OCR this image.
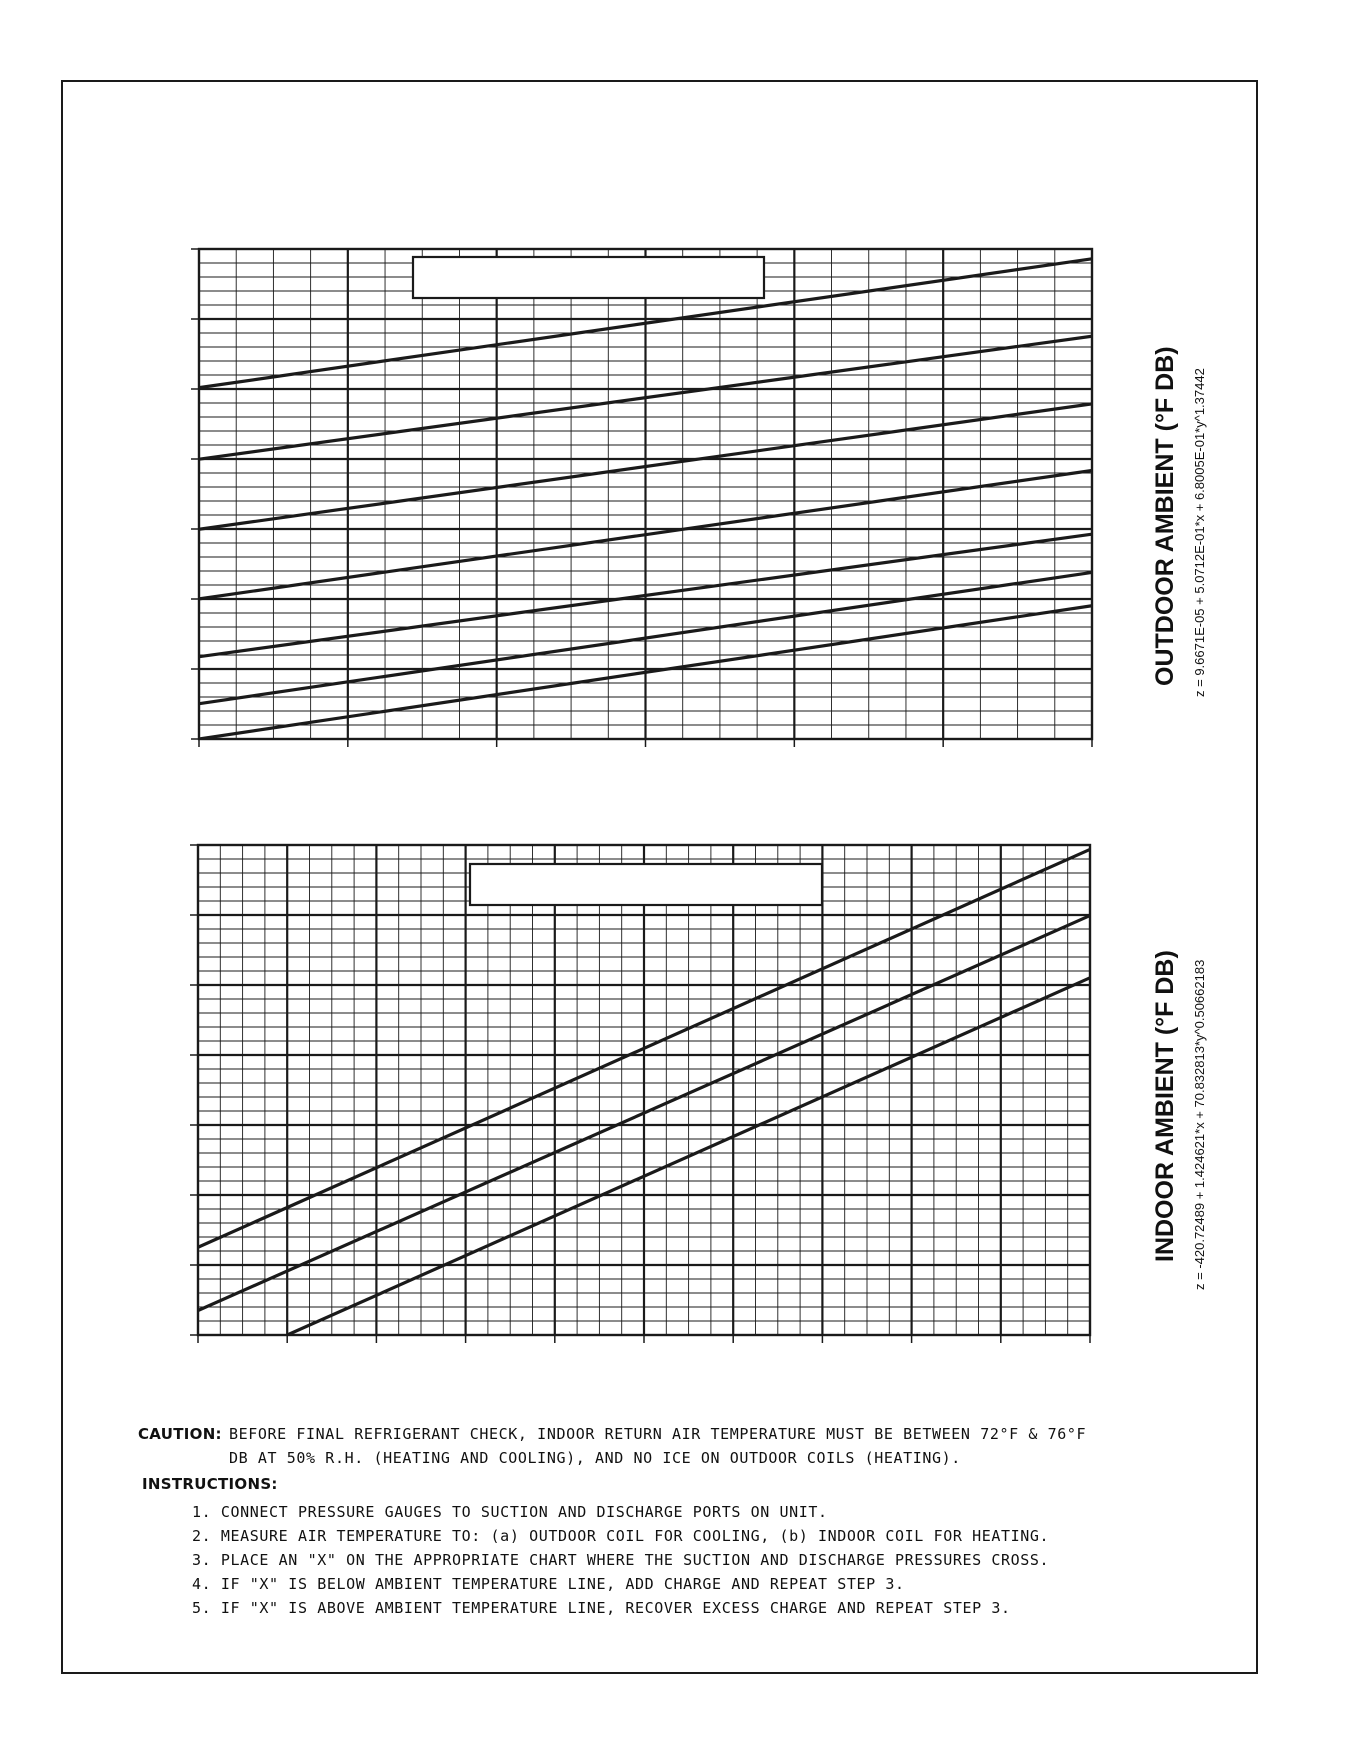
OUTDOOR AMBIENT (°F DB) z = 9.6671E-05 + 5.0712E-01*x + 6.8005E-01*y^1.37442
INDOOR AMBIENT (°F DB) z = -420.72489 + 1.424621*x + 70.832813*y^0.50662183
CAUTION: BEFORE FINAL REFRIGERANT CHECK, INDOOR RETURN AIR TEMPERATURE MUST BE BETWEEN 72°F & 76°F
DB AT 50% R.H. (HEATING AND COOLING), AND NO ICE ON OUTDOOR COILS (HEATING).
INSTRUCTIONS:
1. CONNECT PRESSURE GAUGES TO SUCTION AND DISCHARGE PORTS ON UNIT.
2. MEASURE AIR TEMPERATURE TO: (a) OUTDOOR COIL FOR COOLING, (b) INDOOR COIL FOR HEATING.
3. PLACE AN "X" ON THE APPROPRIATE CHART WHERE THE SUCTION AND DISCHARGE PRESSURES CROSS.
4. IF "X" IS BELOW AMBIENT TEMPERATURE LINE, ADD CHARGE AND REPEAT STEP 3.
5. IF "X" IS ABOVE AMBIENT TEMPERATURE LINE, RECOVER EXCESS CHARGE AND REPEAT STEP 3.
